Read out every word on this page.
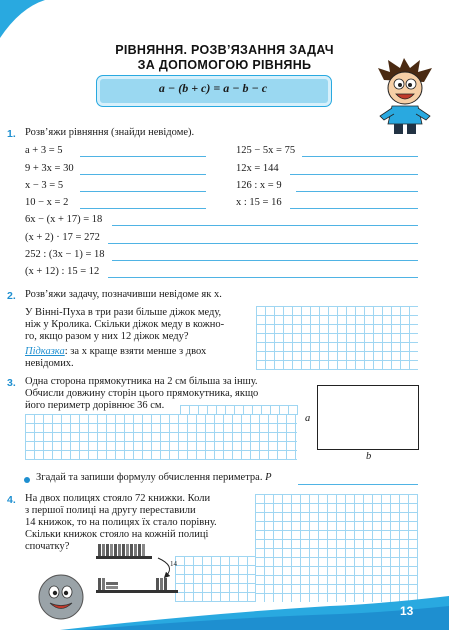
РІВНЯННЯ. РОЗВ’ЯЗАННЯ ЗАДАЧ
ЗА ДОПОМОГОЮ РІВНЯНЬ
a − (b + c) = a − b − c
1. Розв’яжи рівняння (знайди невідоме).
a + 3 = 5
9 + 3x = 30
x − 3 = 5
10 − x = 2
125 − 5x = 75
12x = 144
126 : x = 9
x : 15 = 16
6x − (x + 17) = 18
(x + 2) · 17 = 272
252 : (3x − 1) = 18
(x + 12) : 15 = 12
2. Розв’яжи задачу, позначивши невідоме як x.
У Вінні-Пуха в три рази більше діжок меду,
ніж у Кролика. Скільки діжок меду в кожно-
го, якщо разом у них 12 діжок меду?
Підказка: за x краще взяти менше з двох
невідомих.
3. Одна сторона прямокутника на 2 см більша за іншу.
Обчисли довжину сторін цього прямокутника, якщо
його периметр дорівнює 36 см.
a
b
Згадай та запиши формулу обчислення периметра. P
4. На двох полицях стояло 72 книжки. Коли
з першої полиці на другу переставили
14 книжок, то на полицях їх стало порівну.
Скільки книжок стояло на кожній полиці
спочатку?
14
13
